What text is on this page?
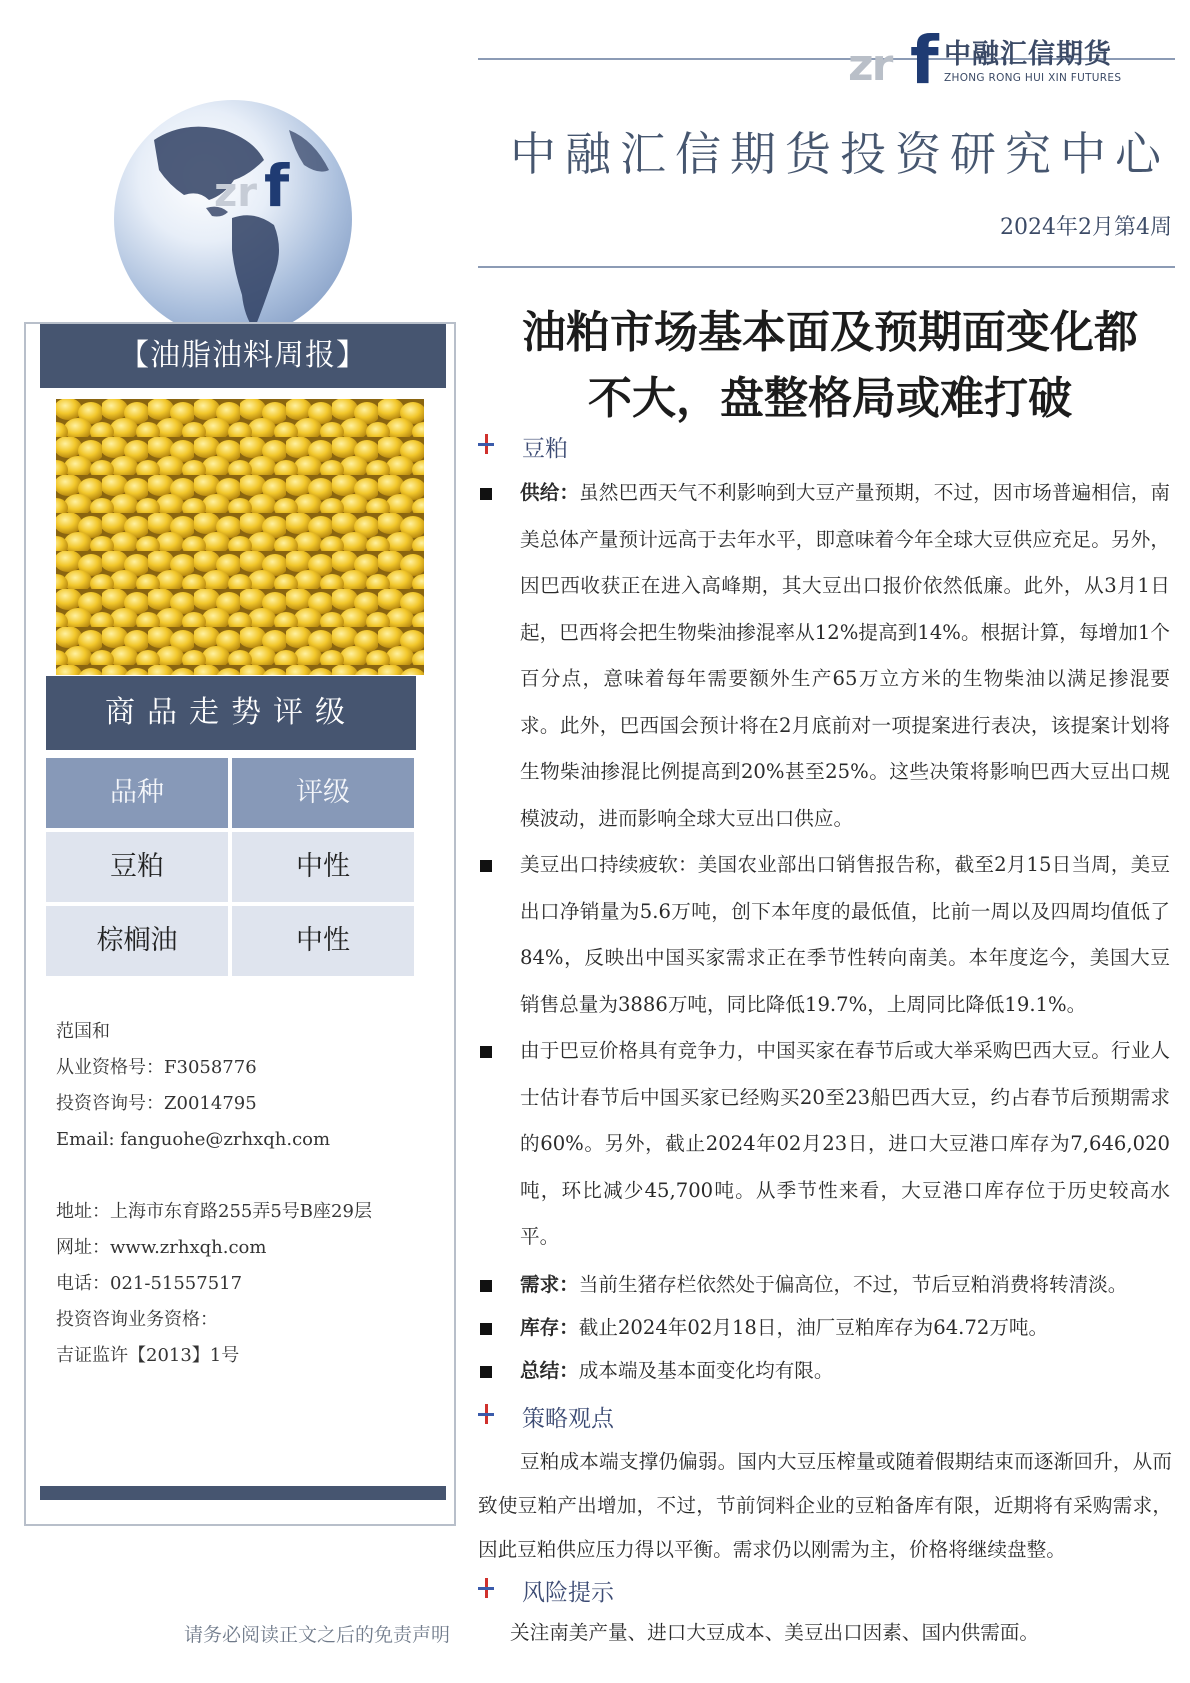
zr f 中融汇信期货
ZHONG RONG HUI XIN FUTURES
中融汇信期货投资研究中心
2024年2月第4周
zr f
【油脂油料周报】
商品走势评级
品种	评级
豆粕	中性
棕榈油	中性
范国和
从业资格号：F3058776
投资咨询号：Z0014795
Email: fanguohe@zrhxqh.com
地址：上海市东育路255弄5号B座29层
网址：www.zrhxqh.com
电话：021-51557517
投资咨询业务资格：
吉证监许【2013】1号
请务必阅读正文之后的免责声明
油粕市场基本面及预期面变化都
不大，盘整格局或难打破
豆粕
供给：虽然巴西天气不利影响到大豆产量预期，不过，因市场普遍相信，南美总体产量预计远高于去年水平，即意味着今年全球大豆供应充足。另外，因巴西收获正在进入高峰期，其大豆出口报价依然低廉。此外，从3月1日起，巴西将会把生物柴油掺混率从12%提高到14%。根据计算，每增加1个百分点，意味着每年需要额外生产65万立方米的生物柴油以满足掺混要求。此外，巴西国会预计将在2月底前对一项提案进行表决，该提案计划将生物柴油掺混比例提高到20%甚至25%。这些决策将影响巴西大豆出口规模波动，进而影响全球大豆出口供应。
美豆出口持续疲软：美国农业部出口销售报告称，截至2月15日当周，美豆出口净销量为5.6万吨，创下本年度的最低值，比前一周以及四周均值低了84%，反映出中国买家需求正在季节性转向南美。本年度迄今，美国大豆销售总量为3886万吨，同比降低19.7%，上周同比降低19.1%。
由于巴豆价格具有竞争力，中国买家在春节后或大举采购巴西大豆。行业人士估计春节后中国买家已经购买20至23船巴西大豆，约占春节后预期需求的60%。另外，截止2024年02月23日，进口大豆港口库存为7,646,020吨，环比减少45,700吨。从季节性来看，大豆港口库存位于历史较高水平。
需求：当前生猪存栏依然处于偏高位，不过，节后豆粕消费将转清淡。
库存：截止2024年02月18日，油厂豆粕库存为64.72万吨。
总结：成本端及基本面变化均有限。
策略观点
豆粕成本端支撑仍偏弱。国内大豆压榨量或随着假期结束而逐渐回升，从而致使豆粕产出增加，不过，节前饲料企业的豆粕备库有限，近期将有采购需求，因此豆粕供应压力得以平衡。需求仍以刚需为主，价格将继续盘整。
风险提示
关注南美产量、进口大豆成本、美豆出口因素、国内供需面。
